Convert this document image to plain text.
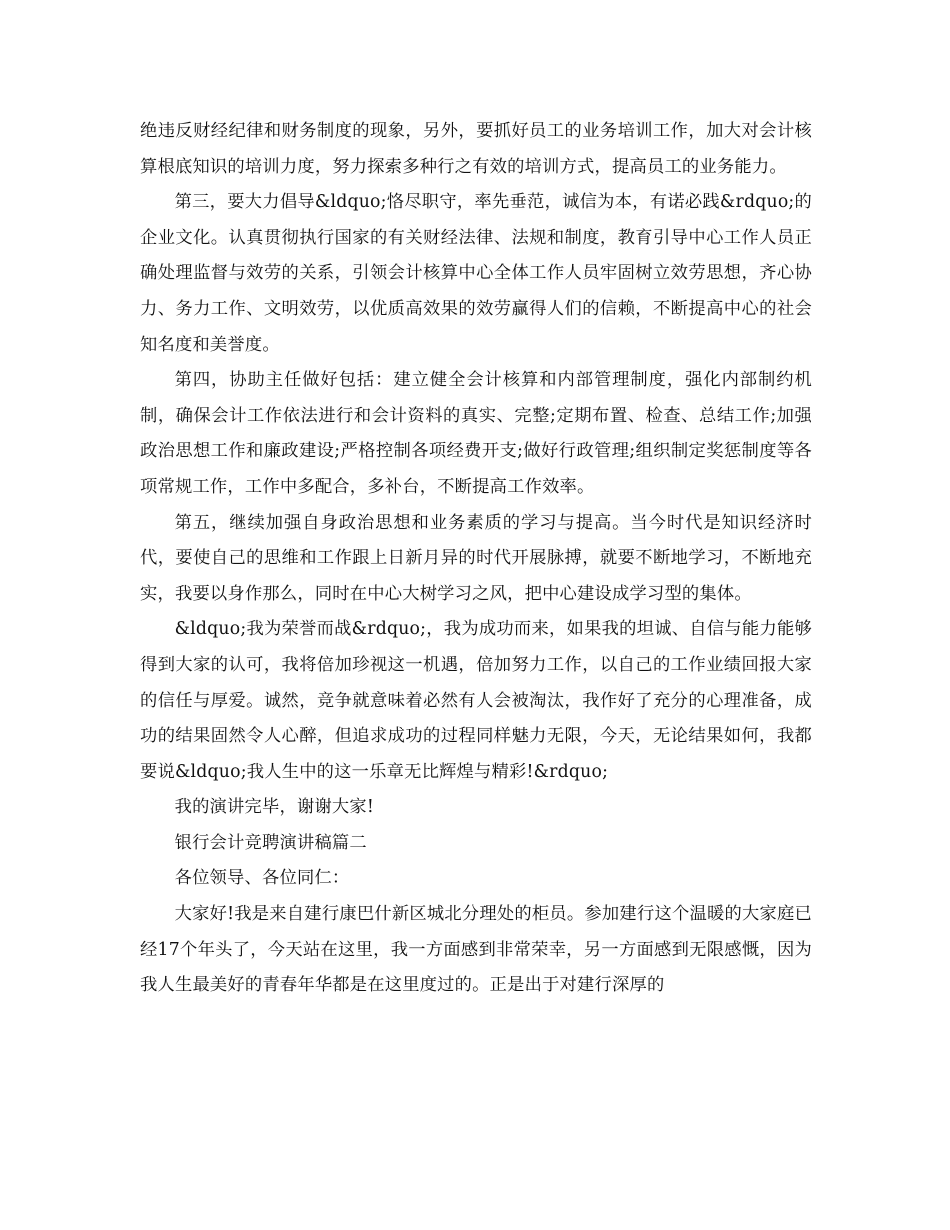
绝违反财经纪律和财务制度的现象，另外，要抓好员工的业务培训工作，加大对会计核算根底知识的培训力度，努力探索多种行之有效的培训方式，提高员工的业务能力。

第三，要大力倡导&ldquo;恪尽职守，率先垂范，诚信为本，有诺必践&rdquo;的企业文化。认真贯彻执行国家的有关财经法律、法规和制度，教育引导中心工作人员正确处理监督与效劳的关系，引领会计核算中心全体工作人员牢固树立效劳思想，齐心协力、务力工作、文明效劳，以优质高效果的效劳赢得人们的信赖，不断提高中心的社会知名度和美誉度。

第四，协助主任做好包括：建立健全会计核算和内部管理制度，强化内部制约机制，确保会计工作依法进行和会计资料的真实、完整;定期布置、检查、总结工作;加强政治思想工作和廉政建设;严格控制各项经费开支;做好行政管理;组织制定奖惩制度等各项常规工作，工作中多配合，多补台，不断提高工作效率。

第五，继续加强自身政治思想和业务素质的学习与提高。当今时代是知识经济时代，要使自己的思维和工作跟上日新月异的时代开展脉搏，就要不断地学习，不断地充实，我要以身作那么，同时在中心大树学习之风，把中心建设成学习型的集体。

&ldquo;我为荣誉而战&rdquo;，我为成功而来，如果我的坦诚、自信与能力能够得到大家的认可，我将倍加珍视这一机遇，倍加努力工作，以自己的工作业绩回报大家的信任与厚爱。诚然，竞争就意味着必然有人会被淘汰，我作好了充分的心理准备，成功的结果固然令人心醉，但追求成功的过程同样魅力无限，今天，无论结果如何，我都要说&ldquo;我人生中的这一乐章无比辉煌与精彩!&rdquo;

我的演讲完毕，谢谢大家!

银行会计竞聘演讲稿篇二

各位领导、各位同仁：

大家好!我是来自建行康巴什新区城北分理处的柜员。参加建行这个温暖的大家庭已经17个年头了，今天站在这里，我一方面感到非常荣幸，另一方面感到无限感慨，因为我人生最美好的青春年华都是在这里度过的。正是出于对建行深厚的
